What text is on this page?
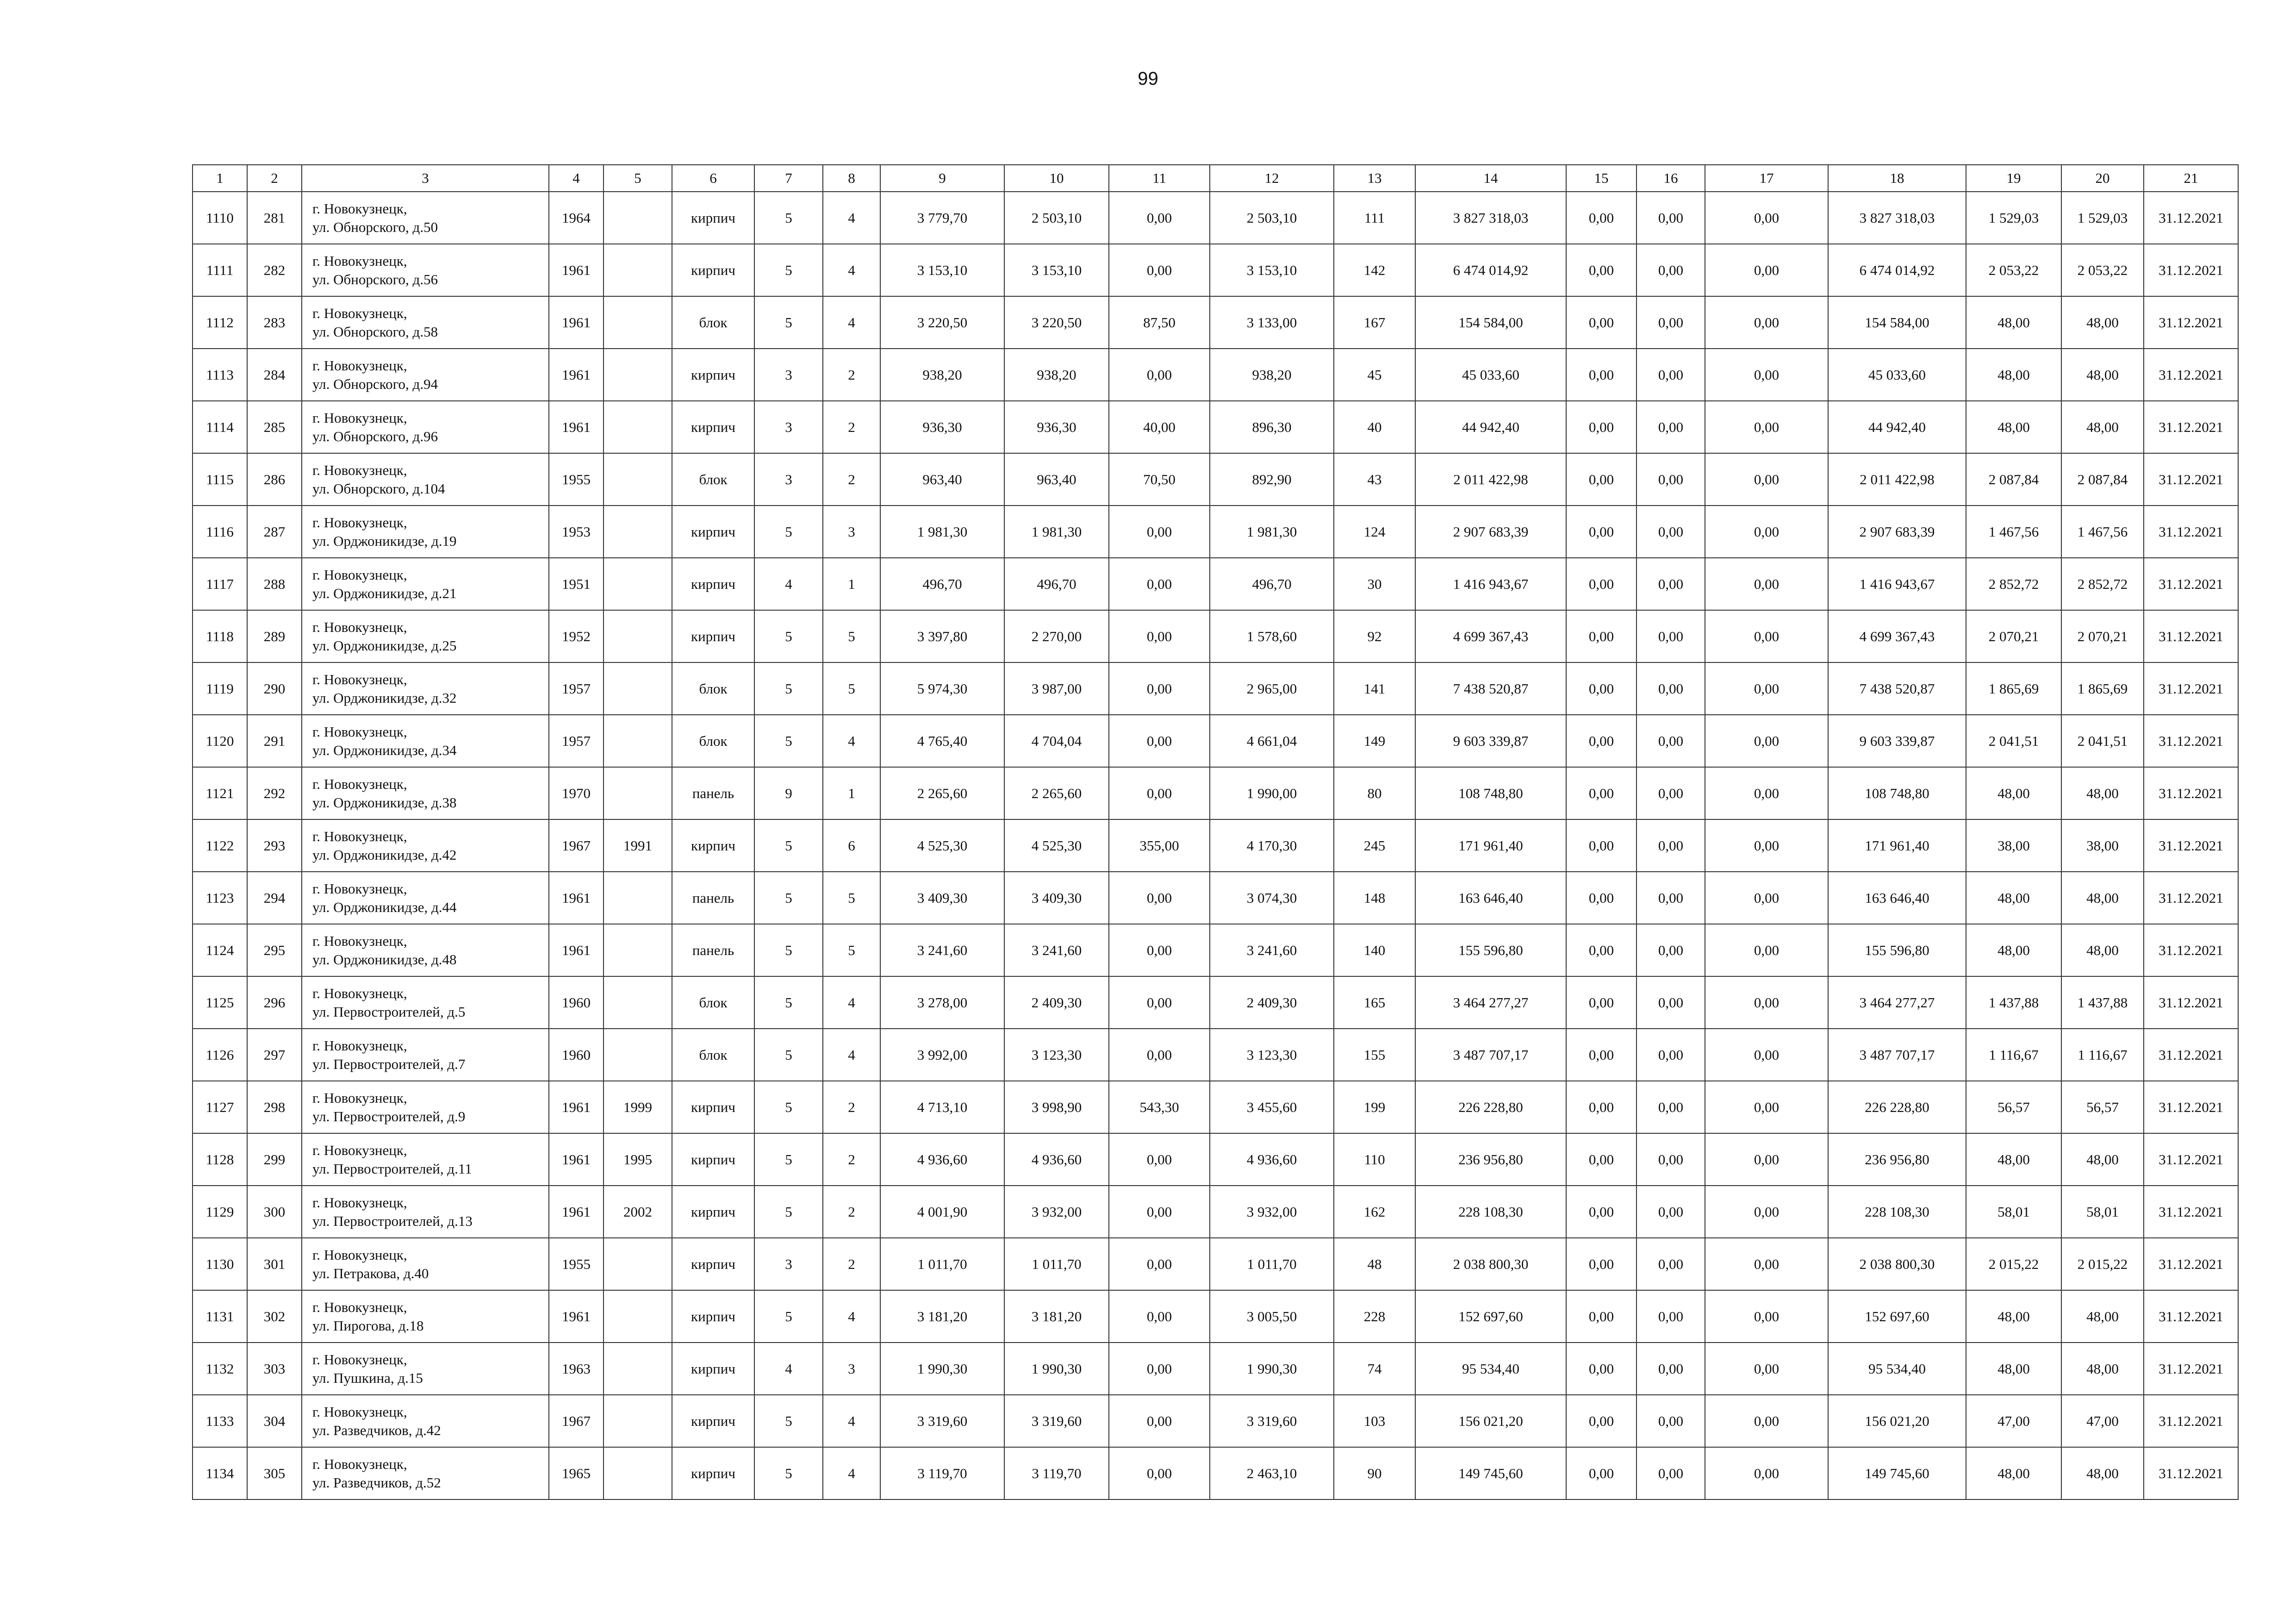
99
1	2	3	4	5	6	7	8	9	10	11	12	13	14	15	16	17	18	19	20	21
1110	281	г. Новокузнецк,
ул. Обнорского, д.50	1964		кирпич	5	4	3 779,70	2 503,10	0,00	2 503,10	111	3 827 318,03	0,00	0,00	0,00	3 827 318,03	1 529,03	1 529,03	31.12.2021
1111	282	г. Новокузнецк,
ул. Обнорского, д.56	1961		кирпич	5	4	3 153,10	3 153,10	0,00	3 153,10	142	6 474 014,92	0,00	0,00	0,00	6 474 014,92	2 053,22	2 053,22	31.12.2021
1112	283	г. Новокузнецк,
ул. Обнорского, д.58	1961		блок	5	4	3 220,50	3 220,50	87,50	3 133,00	167	154 584,00	0,00	0,00	0,00	154 584,00	48,00	48,00	31.12.2021
1113	284	г. Новокузнецк,
ул. Обнорского, д.94	1961		кирпич	3	2	938,20	938,20	0,00	938,20	45	45 033,60	0,00	0,00	0,00	45 033,60	48,00	48,00	31.12.2021
1114	285	г. Новокузнецк,
ул. Обнорского, д.96	1961		кирпич	3	2	936,30	936,30	40,00	896,30	40	44 942,40	0,00	0,00	0,00	44 942,40	48,00	48,00	31.12.2021
1115	286	г. Новокузнецк,
ул. Обнорского, д.104	1955		блок	3	2	963,40	963,40	70,50	892,90	43	2 011 422,98	0,00	0,00	0,00	2 011 422,98	2 087,84	2 087,84	31.12.2021
1116	287	г. Новокузнецк,
ул. Орджоникидзе, д.19	1953		кирпич	5	3	1 981,30	1 981,30	0,00	1 981,30	124	2 907 683,39	0,00	0,00	0,00	2 907 683,39	1 467,56	1 467,56	31.12.2021
1117	288	г. Новокузнецк,
ул. Орджоникидзе, д.21	1951		кирпич	4	1	496,70	496,70	0,00	496,70	30	1 416 943,67	0,00	0,00	0,00	1 416 943,67	2 852,72	2 852,72	31.12.2021
1118	289	г. Новокузнецк,
ул. Орджоникидзе, д.25	1952		кирпич	5	5	3 397,80	2 270,00	0,00	1 578,60	92	4 699 367,43	0,00	0,00	0,00	4 699 367,43	2 070,21	2 070,21	31.12.2021
1119	290	г. Новокузнецк,
ул. Орджоникидзе, д.32	1957		блок	5	5	5 974,30	3 987,00	0,00	2 965,00	141	7 438 520,87	0,00	0,00	0,00	7 438 520,87	1 865,69	1 865,69	31.12.2021
1120	291	г. Новокузнецк,
ул. Орджоникидзе, д.34	1957		блок	5	4	4 765,40	4 704,04	0,00	4 661,04	149	9 603 339,87	0,00	0,00	0,00	9 603 339,87	2 041,51	2 041,51	31.12.2021
1121	292	г. Новокузнецк,
ул. Орджоникидзе, д.38	1970		панель	9	1	2 265,60	2 265,60	0,00	1 990,00	80	108 748,80	0,00	0,00	0,00	108 748,80	48,00	48,00	31.12.2021
1122	293	г. Новокузнецк,
ул. Орджоникидзе, д.42	1967	1991	кирпич	5	6	4 525,30	4 525,30	355,00	4 170,30	245	171 961,40	0,00	0,00	0,00	171 961,40	38,00	38,00	31.12.2021
1123	294	г. Новокузнецк,
ул. Орджоникидзе, д.44	1961		панель	5	5	3 409,30	3 409,30	0,00	3 074,30	148	163 646,40	0,00	0,00	0,00	163 646,40	48,00	48,00	31.12.2021
1124	295	г. Новокузнецк,
ул. Орджоникидзе, д.48	1961		панель	5	5	3 241,60	3 241,60	0,00	3 241,60	140	155 596,80	0,00	0,00	0,00	155 596,80	48,00	48,00	31.12.2021
1125	296	г. Новокузнецк,
ул. Первостроителей, д.5	1960		блок	5	4	3 278,00	2 409,30	0,00	2 409,30	165	3 464 277,27	0,00	0,00	0,00	3 464 277,27	1 437,88	1 437,88	31.12.2021
1126	297	г. Новокузнецк,
ул. Первостроителей, д.7	1960		блок	5	4	3 992,00	3 123,30	0,00	3 123,30	155	3 487 707,17	0,00	0,00	0,00	3 487 707,17	1 116,67	1 116,67	31.12.2021
1127	298	г. Новокузнецк,
ул. Первостроителей, д.9	1961	1999	кирпич	5	2	4 713,10	3 998,90	543,30	3 455,60	199	226 228,80	0,00	0,00	0,00	226 228,80	56,57	56,57	31.12.2021
1128	299	г. Новокузнецк,
ул. Первостроителей, д.11	1961	1995	кирпич	5	2	4 936,60	4 936,60	0,00	4 936,60	110	236 956,80	0,00	0,00	0,00	236 956,80	48,00	48,00	31.12.2021
1129	300	г. Новокузнецк,
ул. Первостроителей, д.13	1961	2002	кирпич	5	2	4 001,90	3 932,00	0,00	3 932,00	162	228 108,30	0,00	0,00	0,00	228 108,30	58,01	58,01	31.12.2021
1130	301	г. Новокузнецк,
ул. Петракова, д.40	1955		кирпич	3	2	1 011,70	1 011,70	0,00	1 011,70	48	2 038 800,30	0,00	0,00	0,00	2 038 800,30	2 015,22	2 015,22	31.12.2021
1131	302	г. Новокузнецк,
ул. Пирогова, д.18	1961		кирпич	5	4	3 181,20	3 181,20	0,00	3 005,50	228	152 697,60	0,00	0,00	0,00	152 697,60	48,00	48,00	31.12.2021
1132	303	г. Новокузнецк,
ул. Пушкина, д.15	1963		кирпич	4	3	1 990,30	1 990,30	0,00	1 990,30	74	95 534,40	0,00	0,00	0,00	95 534,40	48,00	48,00	31.12.2021
1133	304	г. Новокузнецк,
ул. Разведчиков, д.42	1967		кирпич	5	4	3 319,60	3 319,60	0,00	3 319,60	103	156 021,20	0,00	0,00	0,00	156 021,20	47,00	47,00	31.12.2021
1134	305	г. Новокузнецк,
ул. Разведчиков, д.52	1965		кирпич	5	4	3 119,70	3 119,70	0,00	2 463,10	90	149 745,60	0,00	0,00	0,00	149 745,60	48,00	48,00	31.12.2021
